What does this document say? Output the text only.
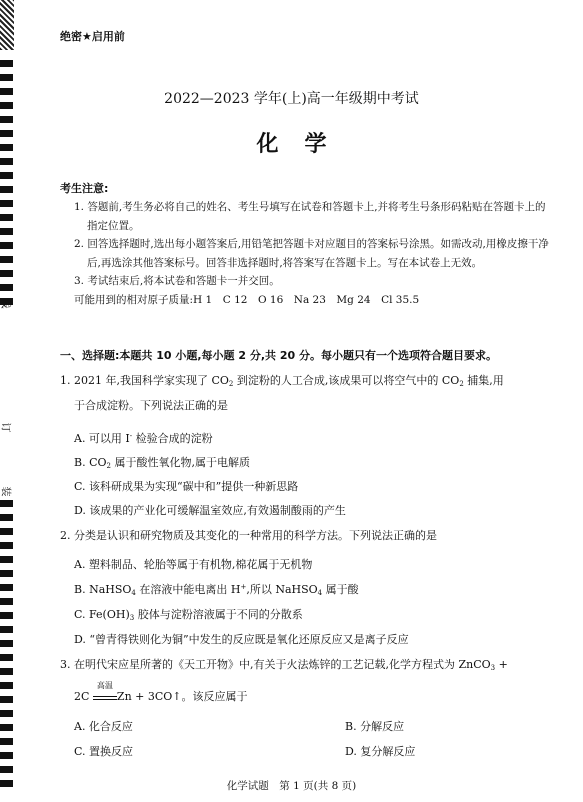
线
订
装
绝密★启用前
2022—2023 学年(上)高一年级期中考试
化学
考生注意:
1. 答题前,考生务必将自己的姓名、考生号填写在试卷和答题卡上,并将考生号条形码粘贴在答题卡上的指定位置。
2. 回答选择题时,选出每小题答案后,用铅笔把答题卡对应题目的答案标号涂黑。如需改动,用橡皮擦干净后,再选涂其他答案标号。回答非选择题时,将答案写在答题卡上。写在本试卷上无效。
3. 考试结束后,将本试卷和答题卡一并交回。
可能用到的相对原子质量:H 1　C 12　O 16　Na 23　Mg 24　Cl 35.5
一、选择题:本题共 10 小题,每小题 2 分,共 20 分。每小题只有一个选项符合题目要求。
1. 2021 年,我国科学家实现了 $CO_2$ 到淀粉的人工合成,该成果可以将空气中的 $CO_2$ 捕集,用
于合成淀粉。下列说法正确的是
A. 可以用 I- 检验合成的淀粉
B. $CO_2$ 属于酸性氧化物,属于电解质
C. 该科研成果为实现“碳中和”提供一种新思路
D. 该成果的产业化可缓解温室效应,有效遏制酸雨的产生
2. 分类是认识和研究物质及其变化的一种常用的科学方法。下列说法正确的是
A. 塑料制品、轮胎等属于有机物,棉花属于无机物
B. NaHSO$_4$ 在溶液中能电离出 H+,所以 NaHSO$_4$ 属于酸
C. $Fe(OH)_3$ 胶体与淀粉溶液属于不同的分散系
D. “曾青得铁则化为铜”中发生的反应既是氧化还原反应又是离子反应
3. 在明代宋应星所著的《天工开物》中,有关于火法炼锌的工艺记载,化学方程式为 ZnCO$_3$ +
2C
高温
Zn + 3CO↑。该反应属于
A. 化合反应	B. 分解反应
C. 置换反应	D. 复分解反应
化学试题　第 1 页(共 8 页)
